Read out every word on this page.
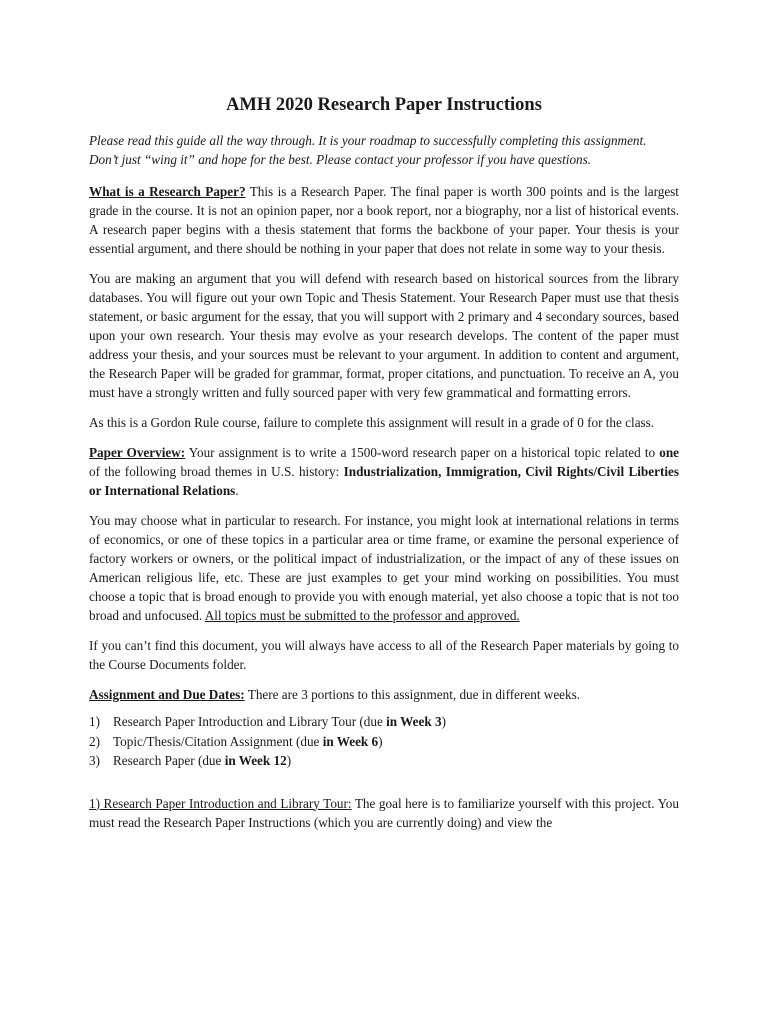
AMH 2020 Research Paper Instructions

Please read this guide all the way through. It is your roadmap to successfully completing this assignment. Don’t just “wing it” and hope for the best. Please contact your professor if you have questions.

What is a Research Paper? This is a Research Paper. The final paper is worth 300 points and is the largest grade in the course. It is not an opinion paper, nor a book report, nor a biography, nor a list of historical events. A research paper begins with a thesis statement that forms the backbone of your paper. Your thesis is your essential argument, and there should be nothing in your paper that does not relate in some way to your thesis.

You are making an argument that you will defend with research based on historical sources from the library databases. You will figure out your own Topic and Thesis Statement. Your Research Paper must use that thesis statement, or basic argument for the essay, that you will support with 2 primary and 4 secondary sources, based upon your own research. Your thesis may evolve as your research develops. The content of the paper must address your thesis, and your sources must be relevant to your argument. In addition to content and argument, the Research Paper will be graded for grammar, format, proper citations, and punctuation. To receive an A, you must have a strongly written and fully sourced paper with very few grammatical and formatting errors.

As this is a Gordon Rule course, failure to complete this assignment will result in a grade of 0 for the class.

Paper Overview: Your assignment is to write a 1500-word research paper on a historical topic related to one of the following broad themes in U.S. history: Industrialization, Immigration, Civil Rights/Civil Liberties or International Relations.

You may choose what in particular to research. For instance, you might look at international relations in terms of economics, or one of these topics in a particular area or time frame, or examine the personal experience of factory workers or owners, or the political impact of industrialization, or the impact of any of these issues on American religious life, etc. These are just examples to get your mind working on possibilities. You must choose a topic that is broad enough to provide you with enough material, yet also choose a topic that is not too broad and unfocused. All topics must be submitted to the professor and approved.

If you can’t find this document, you will always have access to all of the Research Paper materials by going to the Course Documents folder.

Assignment and Due Dates: There are 3 portions to this assignment, due in different weeks.

1) Research Paper Introduction and Library Tour (due in Week 3)
2) Topic/Thesis/Citation Assignment (due in Week 6)
3) Research Paper (due in Week 12)

1) Research Paper Introduction and Library Tour: The goal here is to familiarize yourself with this project. You must read the Research Paper Instructions (which you are currently doing) and view the
